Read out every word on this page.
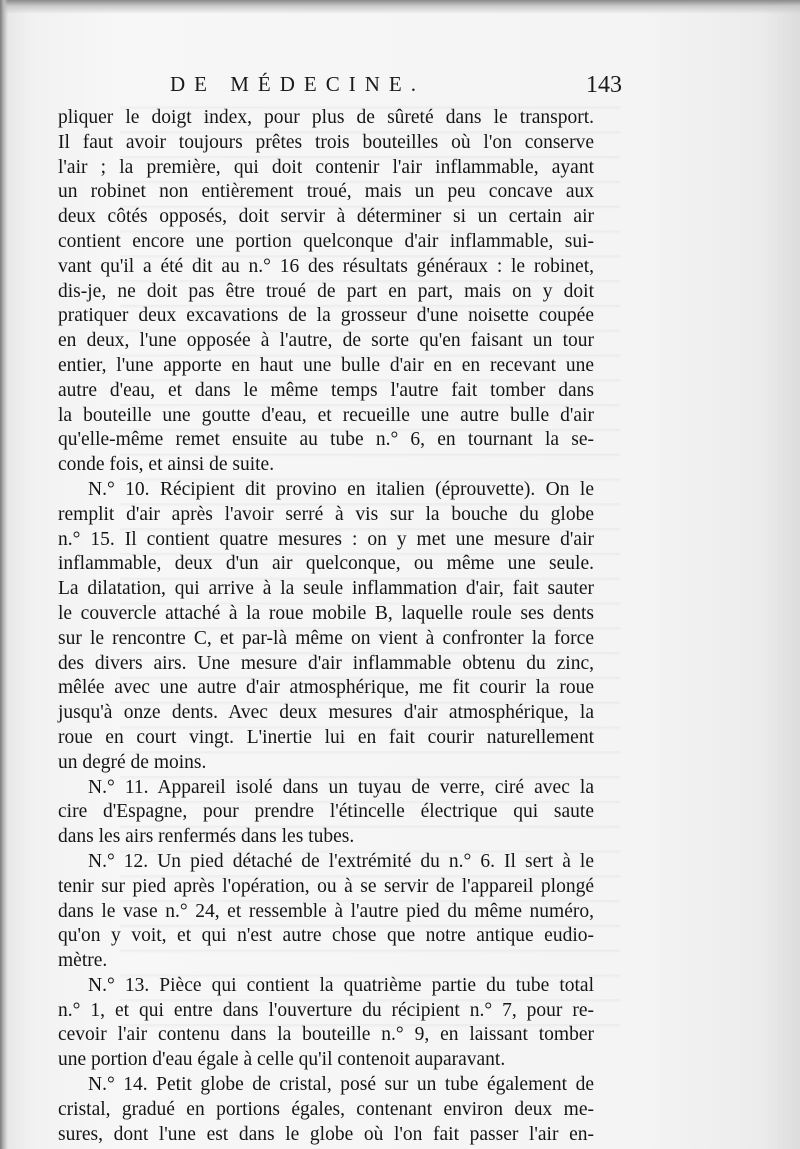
DE MÉDECINE.	143
pliquer le doigt index, pour plus de sûreté dans le transport.
Il faut avoir toujours prêtes trois bouteilles où l'on conserve
l'air ; la première, qui doit contenir l'air inflammable, ayant
un robinet non entièrement troué, mais un peu concave aux
deux côtés opposés, doit servir à déterminer si un certain air
contient encore une portion quelconque d'air inflammable, sui-
vant qu'il a été dit au n.° 16 des résultats généraux : le robinet,
dis-je, ne doit pas être troué de part en part, mais on y doit
pratiquer deux excavations de la grosseur d'une noisette coupée
en deux, l'une opposée à l'autre, de sorte qu'en faisant un tour
entier, l'une apporte en haut une bulle d'air en en recevant une
autre d'eau, et dans le même temps l'autre fait tomber dans
la bouteille une goutte d'eau, et recueille une autre bulle d'air
qu'elle-même remet ensuite au tube n.° 6, en tournant la se-
conde fois, et ainsi de suite.
N.° 10. Récipient dit provino en italien (éprouvette). On le
remplit d'air après l'avoir serré à vis sur la bouche du globe
n.° 15. Il contient quatre mesures : on y met une mesure d'air
inflammable, deux d'un air quelconque, ou même une seule.
La dilatation, qui arrive à la seule inflammation d'air, fait sauter
le couvercle attaché à la roue mobile B, laquelle roule ses dents
sur le rencontre C, et par-là même on vient à confronter la force
des divers airs. Une mesure d'air inflammable obtenu du zinc,
mêlée avec une autre d'air atmosphérique, me fit courir la roue
jusqu'à onze dents. Avec deux mesures d'air atmosphérique, la
roue en court vingt. L'inertie lui en fait courir naturellement
un degré de moins.
N.° 11. Appareil isolé dans un tuyau de verre, ciré avec la
cire d'Espagne, pour prendre l'étincelle électrique qui saute
dans les airs renfermés dans les tubes.
N.° 12. Un pied détaché de l'extrémité du n.° 6. Il sert à le
tenir sur pied après l'opération, ou à se servir de l'appareil plongé
dans le vase n.° 24, et ressemble à l'autre pied du même numéro,
qu'on y voit, et qui n'est autre chose que notre antique eudio-
mètre.
N.° 13. Pièce qui contient la quatrième partie du tube total
n.° 1, et qui entre dans l'ouverture du récipient n.° 7, pour re-
cevoir l'air contenu dans la bouteille n.° 9, en laissant tomber
une portion d'eau égale à celle qu'il contenoit auparavant.
N.° 14. Petit globe de cristal, posé sur un tube également de
cristal, gradué en portions égales, contenant environ deux me-
sures, dont l'une est dans le globe où l'on fait passer l'air en-
